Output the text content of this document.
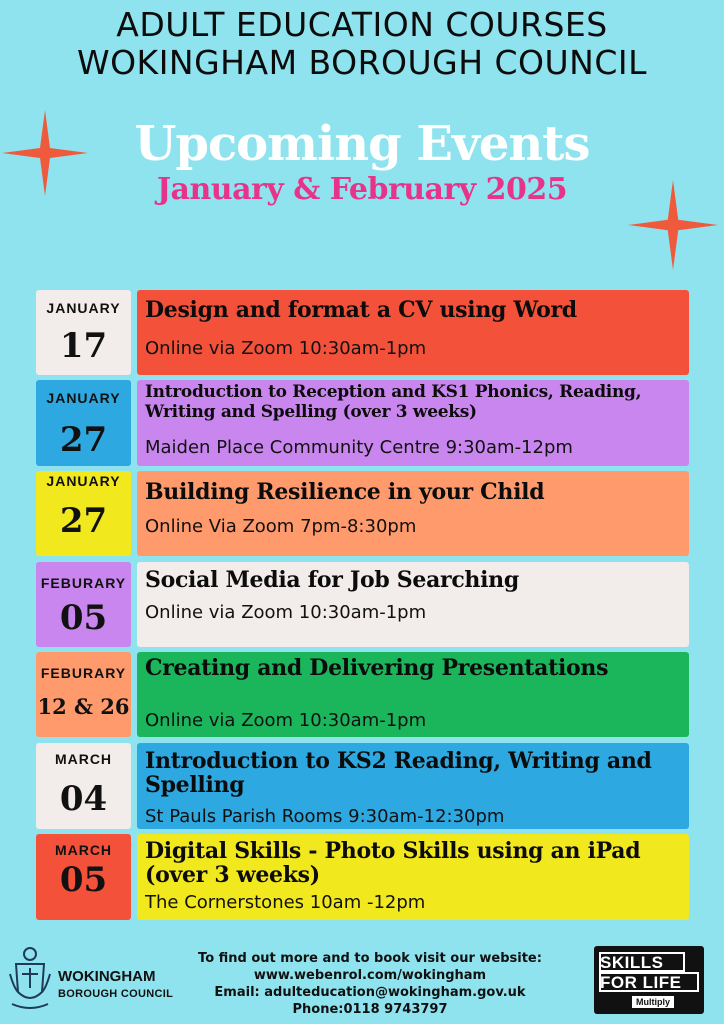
ADULT EDUCATION COURSES
WOKINGHAM BOROUGH COUNCIL
Upcoming Events
January & February 2025
JANUARY
17
Design and format a CV using Word
Online via Zoom 10:30am-1pm
JANUARY
27
Introduction to Reception and KS1 Phonics, Reading, Writing and Spelling (over 3 weeks)
Maiden Place Community Centre 9:30am-12pm
JANUARY
27
Building Resilience in your Child
Online Via Zoom 7pm-8:30pm
FEBURARY
05
Social Media for Job Searching
Online via Zoom 10:30am-1pm
FEBURARY
12 & 26
Creating and Delivering Presentations
Online via Zoom 10:30am-1pm
MARCH
04
Introduction to KS2 Reading, Writing and Spelling
St Pauls Parish Rooms 9:30am-12:30pm
MARCH
05
Digital Skills - Photo Skills using an iPad (over 3 weeks)
The Cornerstones 10am -12pm
To find out more and to book visit our website:
www.webenrol.com/wokingham
Email: adulteducation@wokingham.gov.uk
Phone:0118 9743797
WOKINGHAM
BOROUGH COUNCIL
SKILLS
FOR LIFE
Multiply
